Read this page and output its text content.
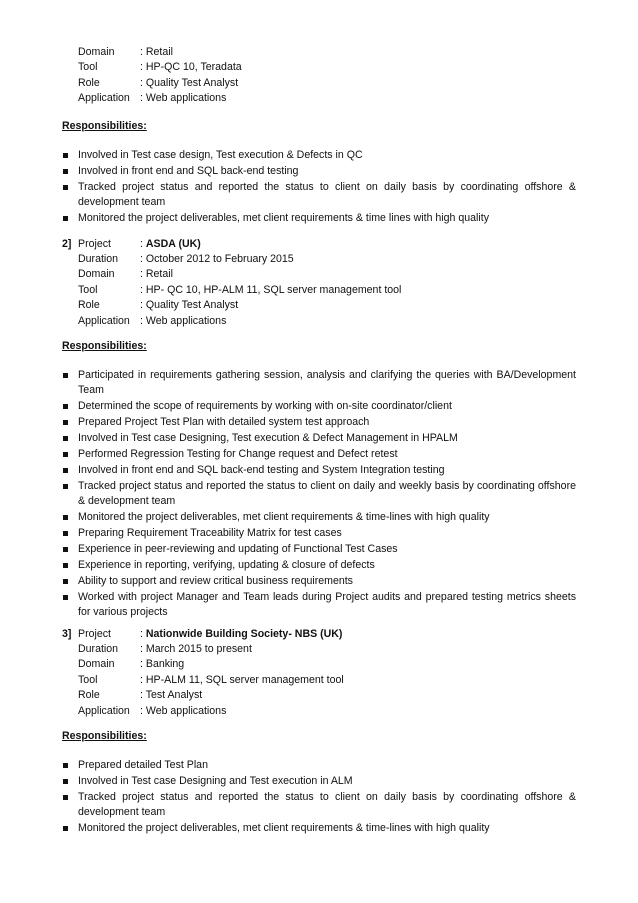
Domain	: Retail
Tool	: HP-QC 10, Teradata
Role	: Quality Test Analyst
Application : Web applications
Responsibilities:
Involved in Test case design, Test execution & Defects in QC
Involved in front end and SQL back-end testing
Tracked project status and reported the status to client on daily basis by coordinating offshore & development team
Monitored the project deliverables, met client requirements & time lines with high quality
2] Project	: ASDA (UK)
Duration	: October 2012 to February 2015
Domain	: Retail
Tool	: HP- QC 10, HP-ALM 11, SQL server management tool
Role	: Quality Test Analyst
Application : Web applications
Responsibilities:
Participated in requirements gathering session, analysis and clarifying the queries with BA/Development Team
Determined the scope of requirements by working with on-site coordinator/client
Prepared Project Test Plan with detailed system test approach
Involved in Test case Designing, Test execution & Defect Management in HPALM
Performed Regression Testing for Change request and Defect retest
Involved in front end and SQL back-end testing and System Integration testing
Tracked project status and reported the status to client on daily and weekly basis by coordinating offshore & development team
Monitored the project deliverables, met client requirements & time-lines with high quality
Preparing Requirement Traceability Matrix for test cases
Experience in peer-reviewing and updating of Functional Test Cases
Experience in reporting, verifying, updating & closure of defects
Ability to support and review critical business requirements
Worked with project Manager and Team leads during Project audits and prepared testing metrics sheets for various projects
3] Project	: Nationwide Building Society- NBS (UK)
Duration	: March 2015 to present
Domain	: Banking
Tool	: HP-ALM 11, SQL server management tool
Role	: Test Analyst
Application : Web applications
Responsibilities:
Prepared detailed Test Plan
Involved in Test case Designing and Test execution in ALM
Tracked project status and reported the status to client on daily basis by coordinating offshore & development team
Monitored the project deliverables, met client requirements & time-lines with high quality
